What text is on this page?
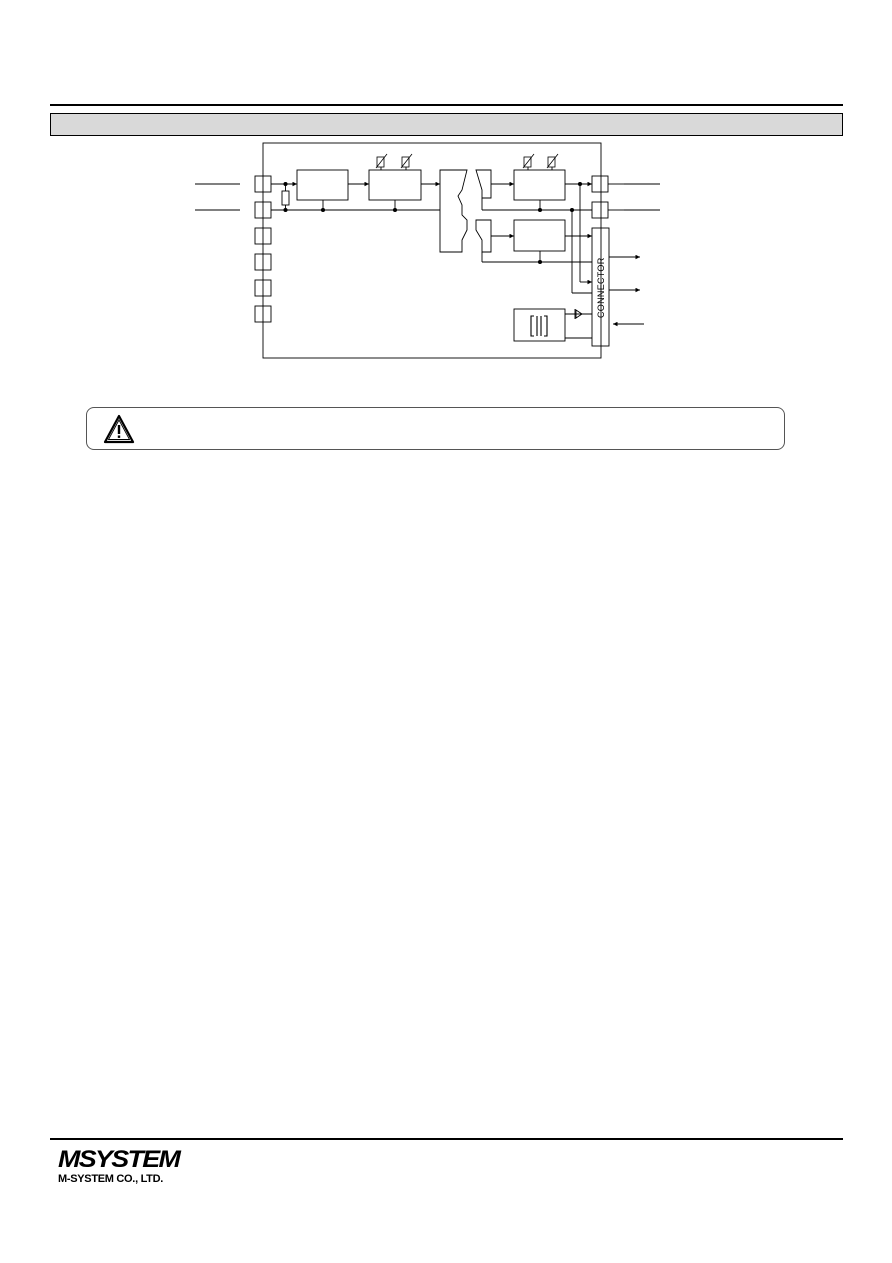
CONNECTOR
MSYSTEM
M-SYSTEM CO., LTD.
